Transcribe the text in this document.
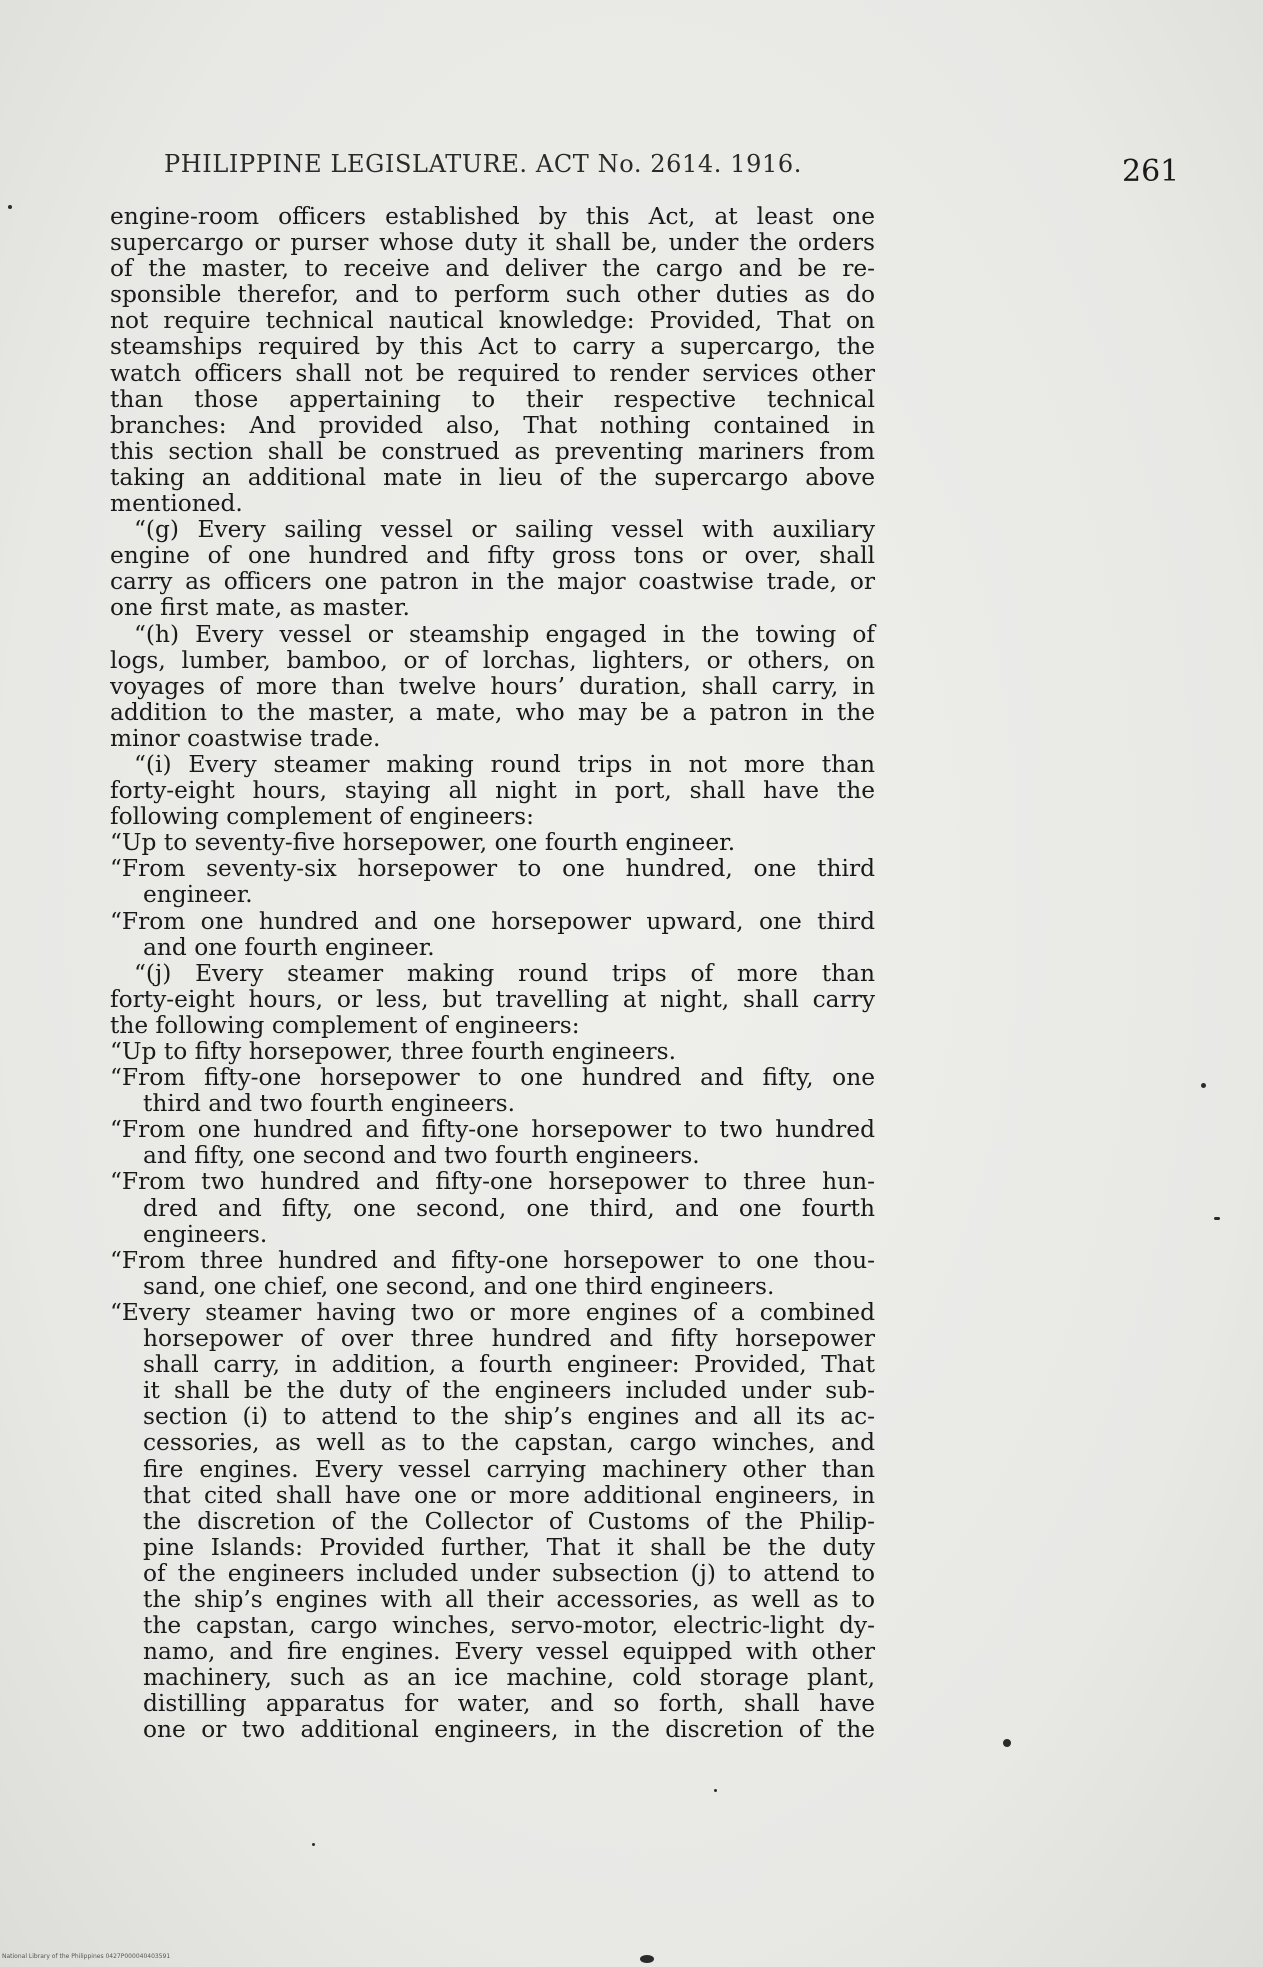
PHILIPPINE LEGISLATURE. ACT No. 2614. 1916.	261
engine-room officers established by this Act, at least one
supercargo or purser whose duty it shall be, under the orders
of the master, to receive and deliver the cargo and be re-
sponsible therefor, and to perform such other duties as do
not require technical nautical knowledge: Provided, That on
steamships required by this Act to carry a supercargo, the
watch officers shall not be required to render services other
than those appertaining to their respective technical
branches: And provided also, That nothing contained in
this section shall be construed as preventing mariners from
taking an additional mate in lieu of the supercargo above
mentioned.
“(g) Every sailing vessel or sailing vessel with auxiliary
engine of one hundred and fifty gross tons or over, shall
carry as officers one patron in the major coastwise trade, or
one first mate, as master.
“(h) Every vessel or steamship engaged in the towing of
logs, lumber, bamboo, or of lorchas, lighters, or others, on
voyages of more than twelve hours’ duration, shall carry, in
addition to the master, a mate, who may be a patron in the
minor coastwise trade.
“(i) Every steamer making round trips in not more than
forty-eight hours, staying all night in port, shall have the
following complement of engineers:
“Up to seventy-five horsepower, one fourth engineer.
“From seventy-six horsepower to one hundred, one third
engineer.
“From one hundred and one horsepower upward, one third
and one fourth engineer.
“(j) Every steamer making round trips of more than
forty-eight hours, or less, but travelling at night, shall carry
the following complement of engineers:
“Up to fifty horsepower, three fourth engineers.
“From fifty-one horsepower to one hundred and fifty, one
third and two fourth engineers.
“From one hundred and fifty-one horsepower to two hundred
and fifty, one second and two fourth engineers.
“From two hundred and fifty-one horsepower to three hun-
dred and fifty, one second, one third, and one fourth
engineers.
“From three hundred and fifty-one horsepower to one thou-
sand, one chief, one second, and one third engineers.
“Every steamer having two or more engines of a combined
horsepower of over three hundred and fifty horsepower
shall carry, in addition, a fourth engineer: Provided, That
it shall be the duty of the engineers included under sub-
section (i) to attend to the ship’s engines and all its ac-
cessories, as well as to the capstan, cargo winches, and
fire engines. Every vessel carrying machinery other than
that cited shall have one or more additional engineers, in
the discretion of the Collector of Customs of the Philip-
pine Islands: Provided further, That it shall be the duty
of the engineers included under subsection (j) to attend to
the ship’s engines with all their accessories, as well as to
the capstan, cargo winches, servo-motor, electric-light dy-
namo, and fire engines. Every vessel equipped with other
machinery, such as an ice machine, cold storage plant,
distilling apparatus for water, and so forth, shall have
one or two additional engineers, in the discretion of the
National Library of the Philippines 0427P000040403591
